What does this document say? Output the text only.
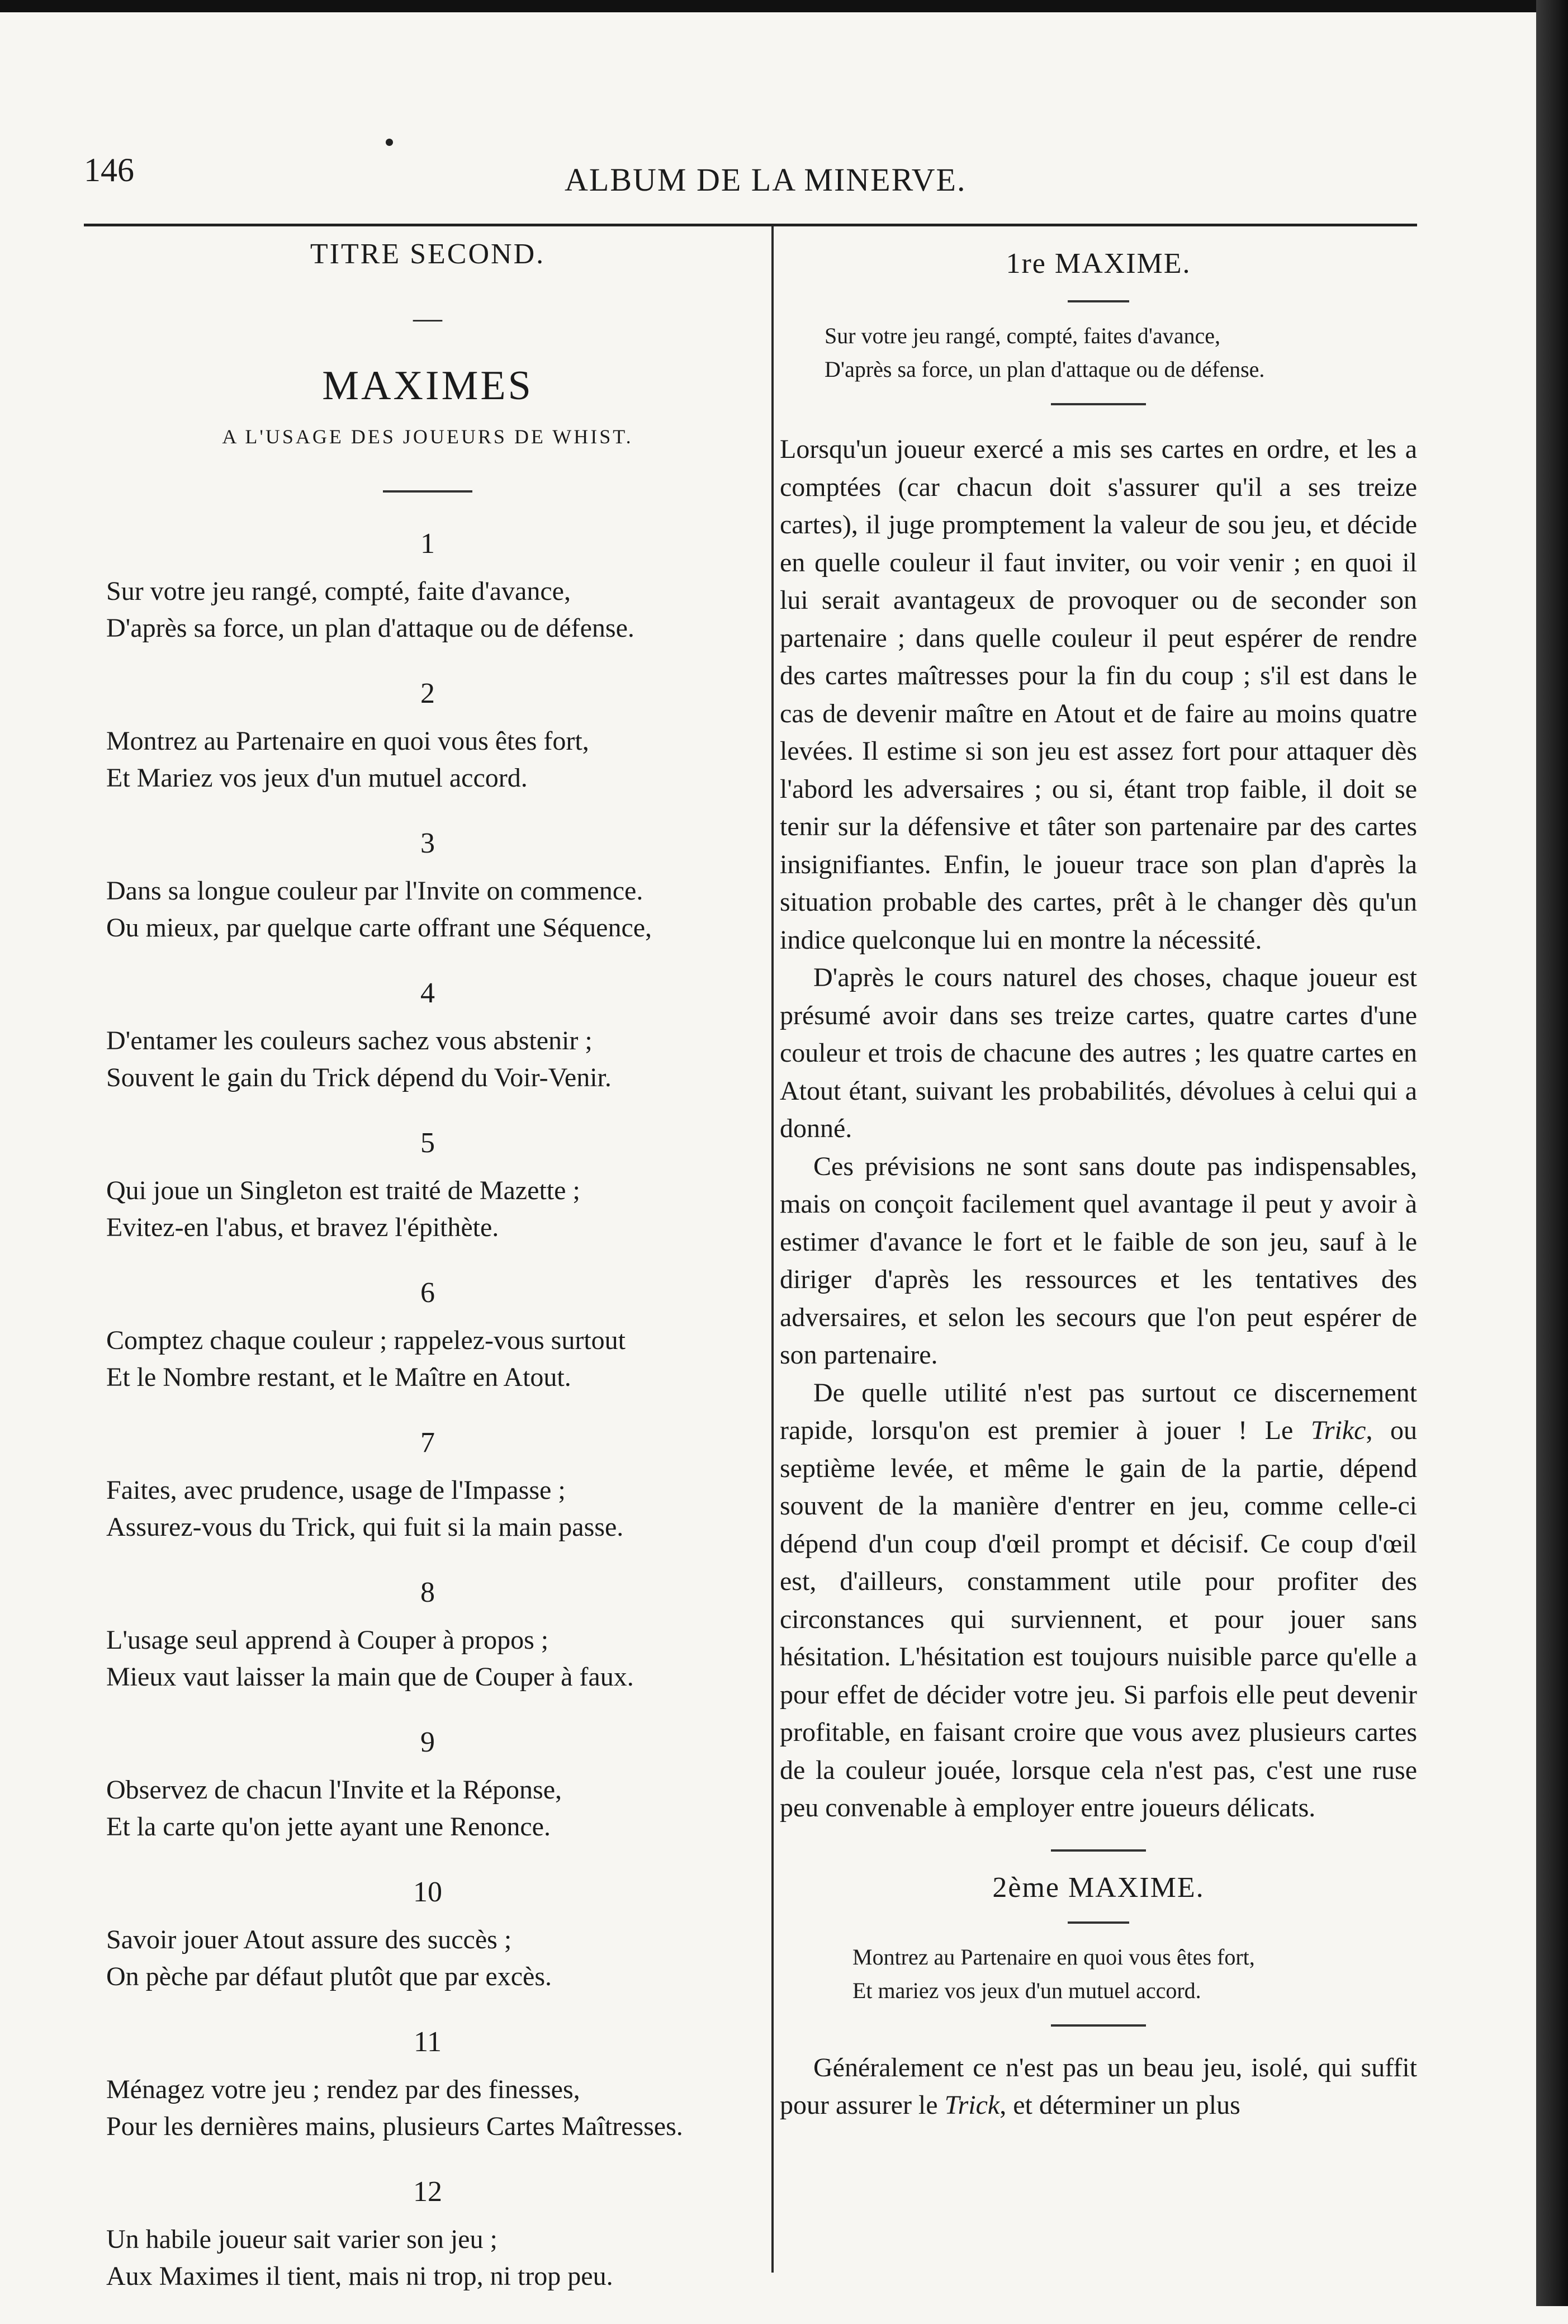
146	ALBUM DE LA MINERVE.
TITRE SECOND.
—
MAXIMES
A L'USAGE DES JOUEURS DE WHIST.
1
Sur votre jeu rangé, compté, faite d'avance,
D'après sa force, un plan d'attaque ou de défense.
2
Montrez au Partenaire en quoi vous êtes fort,
Et Mariez vos jeux d'un mutuel accord.
3
Dans sa longue couleur par l'Invite on commence.
Ou mieux, par quelque carte offrant une Séquence,
4
D'entamer les couleurs sachez vous abstenir ;
Souvent le gain du Trick dépend du Voir-Venir.
5
Qui joue un Singleton est traité de Mazette ;
Evitez-en l'abus, et bravez l'épithète.
6
Comptez chaque couleur ; rappelez-vous surtout
Et le Nombre restant, et le Maître en Atout.
7
Faites, avec prudence, usage de l'Impasse ;
Assurez-vous du Trick, qui fuit si la main passe.
8
L'usage seul apprend à Couper à propos ;
Mieux vaut laisser la main que de Couper à faux.
9
Observez de chacun l'Invite et la Réponse,
Et la carte qu'on jette ayant une Renonce.
10
Savoir jouer Atout assure des succès ;
On pèche par défaut plutôt que par excès.
11
Ménagez votre jeu ; rendez par des finesses,
Pour les dernières mains, plusieurs Cartes Maîtresses.
12
Un habile joueur sait varier son jeu ;
Aux Maximes il tient, mais ni trop, ni trop peu.
1re MAXIME.
Sur votre jeu rangé, compté, faites d'avance,
D'après sa force, un plan d'attaque ou de défense.

Lorsqu'un joueur exercé a mis ses cartes en ordre, et les a comptées (car chacun doit s'assurer qu'il a ses treize cartes), il juge promptement la valeur de sou jeu, et décide en quelle couleur il faut inviter, ou voir venir ; en quoi il lui serait avantageux de provoquer ou de seconder son partenaire ; dans quelle couleur il peut espérer de rendre des cartes maîtresses pour la fin du coup ; s'il est dans le cas de devenir maître en Atout et de faire au moins quatre levées. Il estime si son jeu est assez fort pour attaquer dès l'abord les adversaires ; ou si, étant trop faible, il doit se tenir sur la défensive et tâter son partenaire par des cartes insignifiantes. Enfin, le joueur trace son plan d'après la situation probable des cartes, prêt à le changer dès qu'un indice quelconque lui en montre la nécessité.

D'après le cours naturel des choses, chaque joueur est présumé avoir dans ses treize cartes, quatre cartes d'une couleur et trois de chacune des autres ; les quatre cartes en Atout étant, suivant les probabilités, dévolues à celui qui a donné.

Ces prévisions ne sont sans doute pas indispensables, mais on conçoit facilement quel avantage il peut y avoir à estimer d'avance le fort et le faible de son jeu, sauf à le diriger d'après les ressources et les tentatives des adversaires, et selon les secours que l'on peut espérer de son partenaire.

De quelle utilité n'est pas surtout ce discernement rapide, lorsqu'on est premier à jouer ! Le Trikc, ou septième levée, et même le gain de la partie, dépend souvent de la manière d'entrer en jeu, comme celle-ci dépend d'un coup d'œil prompt et décisif. Ce coup d'œil est, d'ailleurs, constamment utile pour profiter des circonstances qui surviennent, et pour jouer sans hésitation. L'hésitation est toujours nuisible parce qu'elle a pour effet de décider votre jeu. Si parfois elle peut devenir profitable, en faisant croire que vous avez plusieurs cartes de la couleur jouée, lorsque cela n'est pas, c'est une ruse peu convenable à employer entre joueurs délicats.

2ème MAXIME.
Montrez au Partenaire en quoi vous êtes fort,
Et mariez vos jeux d'un mutuel accord.

Généralement ce n'est pas un beau jeu, isolé, qui suffit pour assurer le Trick, et déterminer un plus
